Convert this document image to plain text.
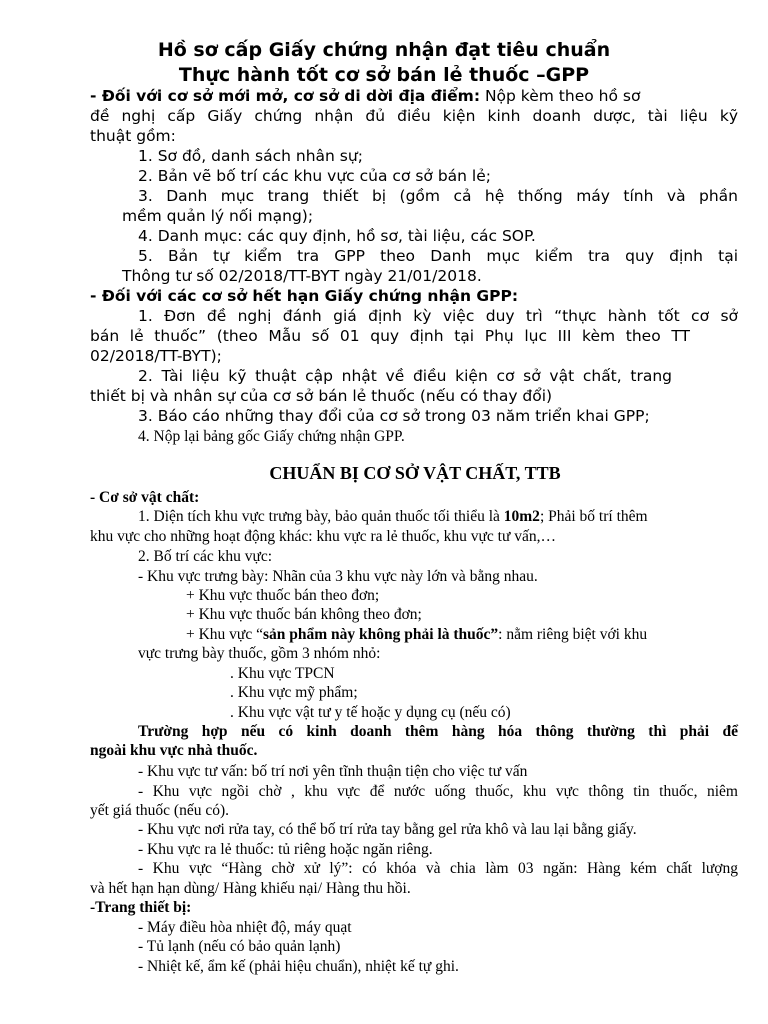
Hồ sơ cấp Giấy chứng nhận đạt tiêu chuẩn
Thực hành tốt cơ sở bán lẻ thuốc –GPP
- Đối với cơ sở mới mở, cơ sở di dời địa điểm: Nộp kèm theo hồ sơ
đề nghị cấp Giấy chứng nhận đủ điều kiện kinh doanh dược, tài liệu kỹ
thuật gồm:
1. Sơ đồ, danh sách nhân sự;
2. Bản vẽ bố trí các khu vực của cơ sở bán lẻ;
3. Danh mục trang thiết bị (gồm cả hệ thống máy tính và phần
mềm quản lý nối mạng);
4. Danh mục: các quy định, hồ sơ, tài liệu, các SOP.
5. Bản tự kiểm tra GPP theo Danh mục kiểm tra quy định tại
Thông tư số 02/2018/TT-BYT ngày 21/01/2018.
- Đối với các cơ sở hết hạn Giấy chứng nhận GPP:
1. Đơn đề nghị đánh giá định kỳ việc duy trì “thực hành tốt cơ sở
bán lẻ thuốc” (theo Mẫu số 01 quy định tại Phụ lục III kèm theo TT
02/2018/TT-BYT);
2. Tài liệu kỹ thuật cập nhật về điều kiện cơ sở vật chất, trang
thiết bị và nhân sự của cơ sở bán lẻ thuốc (nếu có thay đổi)
3. Báo cáo những thay đổi của cơ sở trong 03 năm triển khai GPP;
4. Nộp lại bảng gốc Giấy chứng nhận GPP.
CHUẨN BỊ CƠ SỞ VẬT CHẤT, TTB
- Cơ sở vật chất:
1. Diện tích khu vực trưng bày, bảo quản thuốc tối thiểu là 10m2; Phải bố trí thêm
khu vực cho những hoạt động khác: khu vực ra lẻ thuốc, khu vực tư vấn,…
2. Bố trí các khu vực:
- Khu vực trưng bày: Nhãn của 3 khu vực này lớn và bằng nhau.
+ Khu vực thuốc bán theo đơn;
+ Khu vực thuốc bán không theo đơn;
+ Khu vực “sản phẩm này không phải là thuốc”: nằm riêng biệt với khu
vực trưng bày thuốc, gồm 3 nhóm nhỏ:
. Khu vực TPCN
. Khu vực mỹ phẩm;
. Khu vực vật tư y tế hoặc y dụng cụ (nếu có)
Trường hợp nếu có kinh doanh thêm hàng hóa thông thường thì phải để
ngoài khu vực nhà thuốc.
- Khu vực tư vấn: bố trí nơi yên tĩnh thuận tiện cho việc tư vấn
- Khu vực ngồi chờ , khu vực để nước uống thuốc, khu vực thông tin thuốc, niêm
yết giá thuốc (nếu có).
- Khu vực nơi rửa tay, có thể bố trí rửa tay bằng gel rửa khô và lau lại bằng giấy.
- Khu vực ra lẻ thuốc: tủ riêng hoặc ngăn riêng.
- Khu vực “Hàng chờ xử lý”: có khóa và chia làm 03 ngăn: Hàng kém chất lượng
và hết hạn hạn dùng/ Hàng khiếu nại/ Hàng thu hồi.
-Trang thiết bị:
- Máy điều hòa nhiệt độ, máy quạt
- Tủ lạnh (nếu có bảo quản lạnh)
- Nhiệt kế, ẩm kế (phải hiệu chuẩn), nhiệt kế tự ghi.
